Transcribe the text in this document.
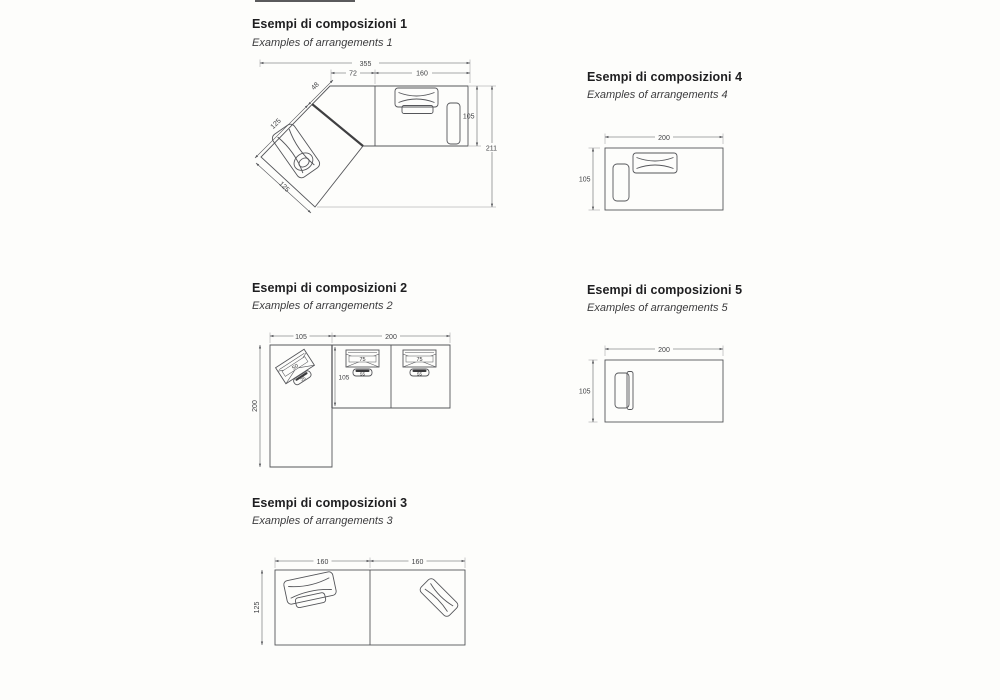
Esempi di composizioni 1
Examples of arrangements 1
355
72	160
105
211
48
125
125
Esempi di composizioni 4
Examples of arrangements 4
200
105
Esempi di composizioni 2
Examples of arrangements 2
105	200
200
105
75
55
75
55
50
25
Esempi di composizioni 5
Examples of arrangements 5
200
105
Esempi di composizioni 3
Examples of arrangements 3
160	160
125
